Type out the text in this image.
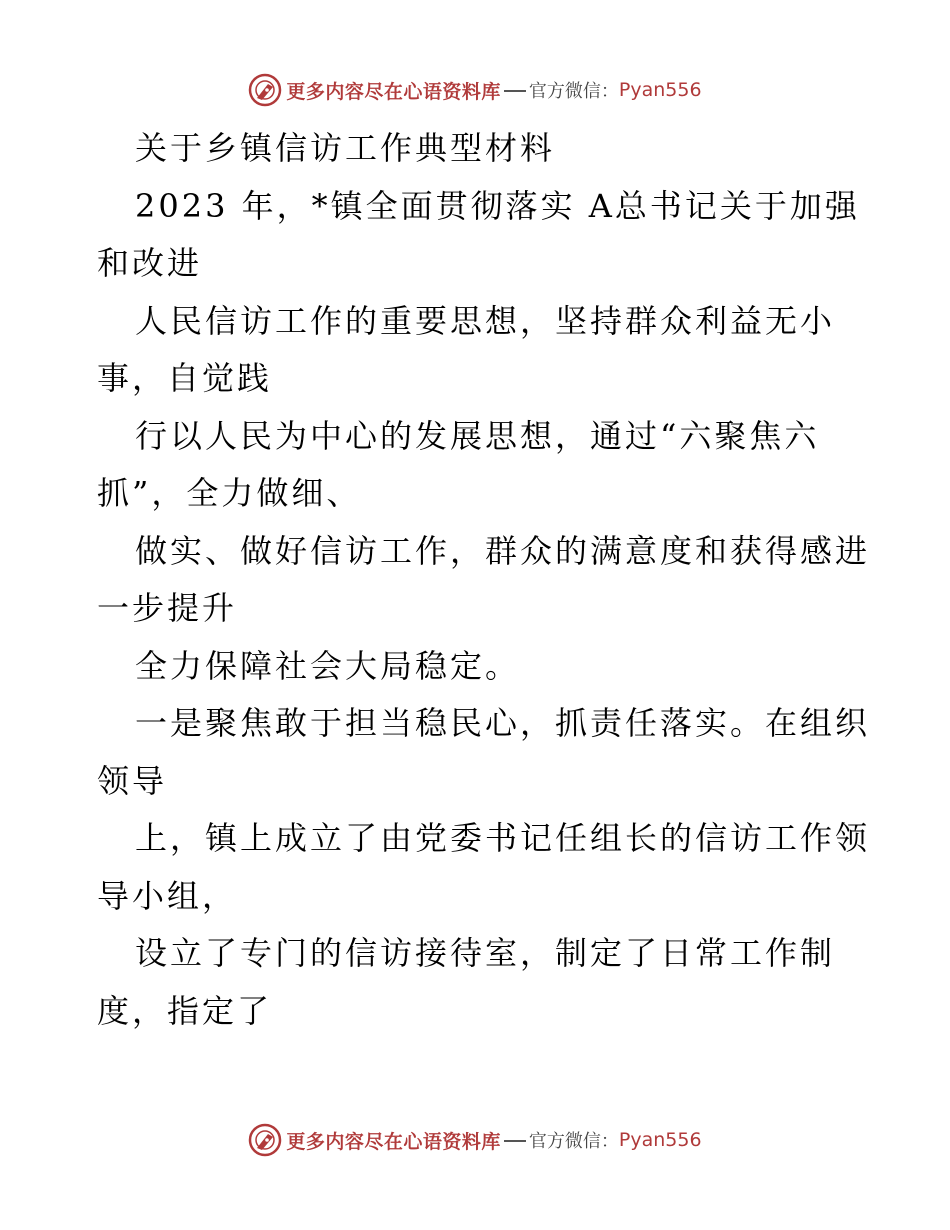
更多内容尽在心语资料库 官方微信： Pyan556
关于乡镇信访工作典型材料
2023 年，*镇全面贯彻落实 A总书记关于加强
和改进
人民信访工作的重要思想，坚持群众利益无小
事，自觉践
行以人民为中心的发展思想，通过“六聚焦六
抓”，全力做细、
做实、做好信访工作，群众的满意度和获得感进
一步提升
全力保障社会大局稳定。
一是聚焦敢于担当稳民心，抓责任落实。在组织
领导
上，镇上成立了由党委书记任组长的信访工作领
导小组，
设立了专门的信访接待室，制定了日常工作制
度，指定了
更多内容尽在心语资料库 官方微信： Pyan556
